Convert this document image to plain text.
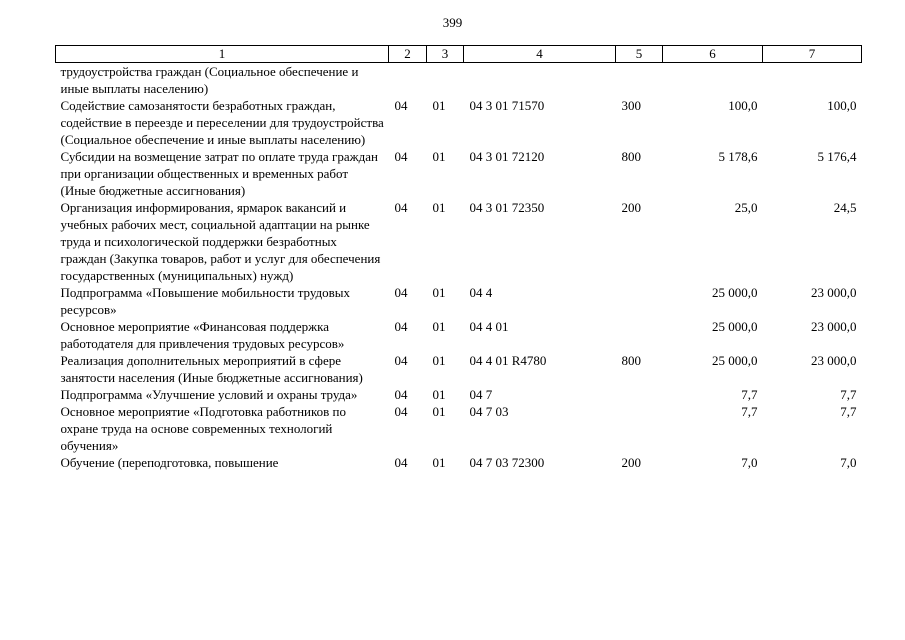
399
1	2	3	4	5	6	7
трудоустройства граждан (Социальное обеспечение и иные выплаты населению)						
Содействие самозанятости безработных граждан, содействие в переезде и переселении для трудоустройства (Социальное обеспечение и иные выплаты населению)	04	01	04 3 01 71570	300	100,0	100,0
Субсидии на возмещение затрат по оплате труда граждан при организации общественных и временных работ (Иные бюджетные ассигнования)	04	01	04 3 01 72120	800	5 178,6	5 176,4
Организация информирования, ярмарок вакансий и учебных рабочих мест, социальной адаптации на рынке труда и психологической поддержки безработных граждан (Закупка товаров, работ и услуг для обеспечения государственных (муниципальных) нужд)	04	01	04 3 01 72350	200	25,0	24,5
Подпрограмма «Повышение мобильности трудовых ресурсов»	04	01	04 4		25 000,0	23 000,0
Основное мероприятие «Финансовая поддержка работодателя для привлечения трудовых ресурсов»	04	01	04 4 01		25 000,0	23 000,0
Реализация дополнительных мероприятий в сфере занятости населения (Иные бюджетные ассигнования)	04	01	04 4 01 R4780	800	25 000,0	23 000,0
Подпрограмма «Улучшение условий и охраны труда»	04	01	04 7		7,7	7,7
Основное мероприятие «Подготовка работников по охране труда на основе современных технологий обучения»	04	01	04 7 03		7,7	7,7
Обучение (переподготовка, повышение	04	01	04 7 03 72300	200	7,0	7,0
